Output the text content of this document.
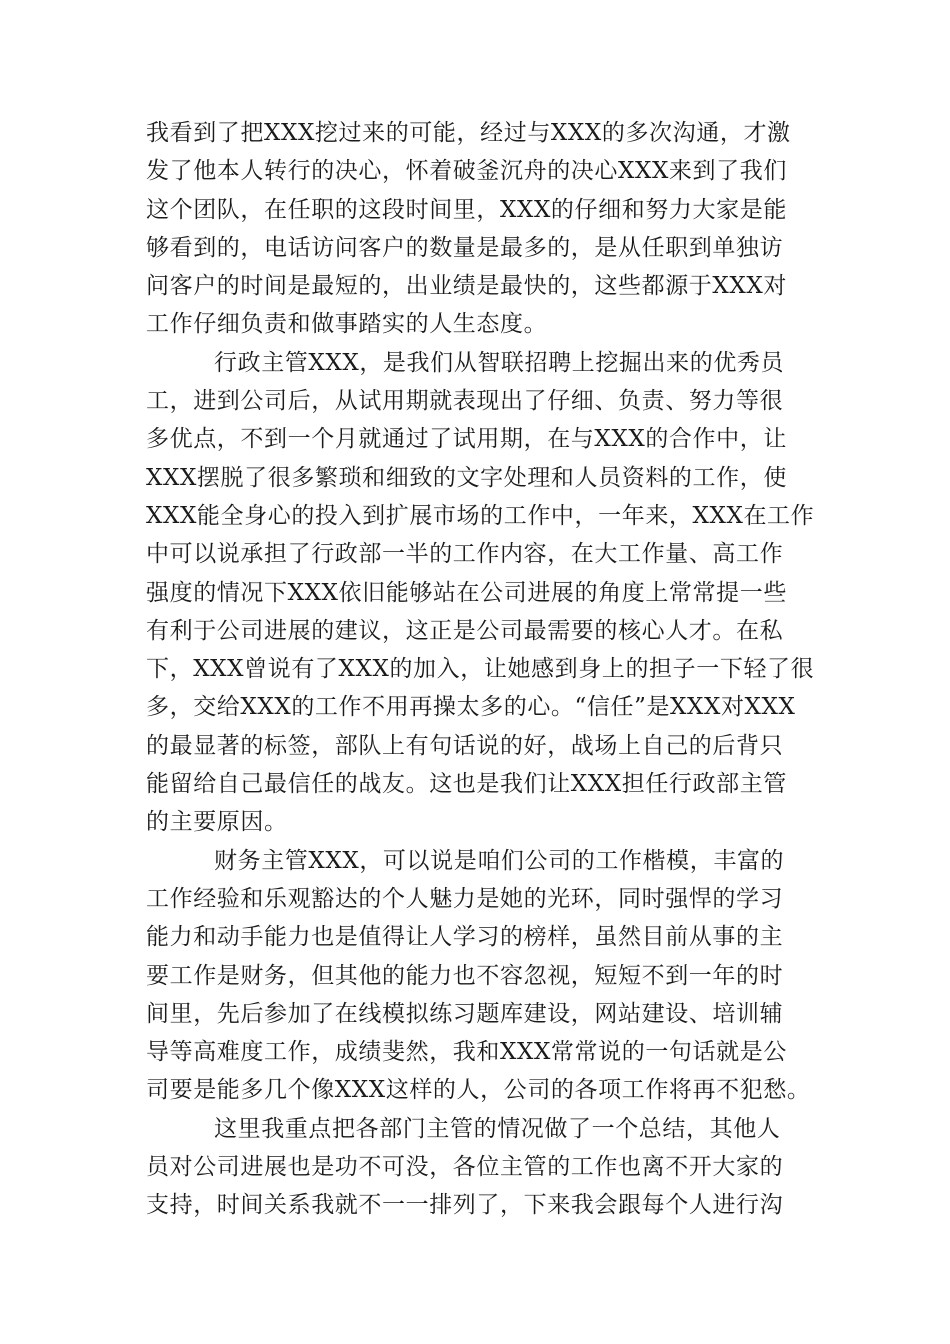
我看到了把XXX挖过来的可能，经过与XXX的多次沟通，才激
发了他本人转行的决心，怀着破釜沉舟的决心XXX来到了我们
这个团队，在任职的这段时间里，XXX的仔细和努力大家是能
够看到的，电话访问客户的数量是最多的，是从任职到单独访
问客户的时间是最短的，出业绩是最快的，这些都源于XXX对
工作仔细负责和做事踏实的人生态度。
行政主管XXX，是我们从智联招聘上挖掘出来的优秀员
工，进到公司后，从试用期就表现出了仔细、负责、努力等很
多优点，不到一个月就通过了试用期，在与XXX的合作中，让
XXX摆脱了很多繁琐和细致的文字处理和人员资料的工作，使
XXX能全身心的投入到扩展市场的工作中，一年来，XXX在工作
中可以说承担了行政部一半的工作内容，在大工作量、高工作
强度的情况下XXX依旧能够站在公司进展的角度上常常提一些
有利于公司进展的建议，这正是公司最需要的核心人才。在私
下，XXX曾说有了XXX的加入，让她感到身上的担子一下轻了很
多，交给XXX的工作不用再操太多的心。“信任”是XXX对XXX
的最显著的标签，部队上有句话说的好，战场上自己的后背只
能留给自己最信任的战友。这也是我们让XXX担任行政部主管
的主要原因。
财务主管XXX，可以说是咱们公司的工作楷模，丰富的
工作经验和乐观豁达的个人魅力是她的光环，同时强悍的学习
能力和动手能力也是值得让人学习的榜样，虽然目前从事的主
要工作是财务，但其他的能力也不容忽视，短短不到一年的时
间里，先后参加了在线模拟练习题库建设，网站建设、培训辅
导等高难度工作，成绩斐然，我和XXX常常说的一句话就是公
司要是能多几个像XXX这样的人，公司的各项工作将再不犯愁。
这里我重点把各部门主管的情况做了一个总结，其他人
员对公司进展也是功不可没，各位主管的工作也离不开大家的
支持，时间关系我就不一一排列了，下来我会跟每个人进行沟
